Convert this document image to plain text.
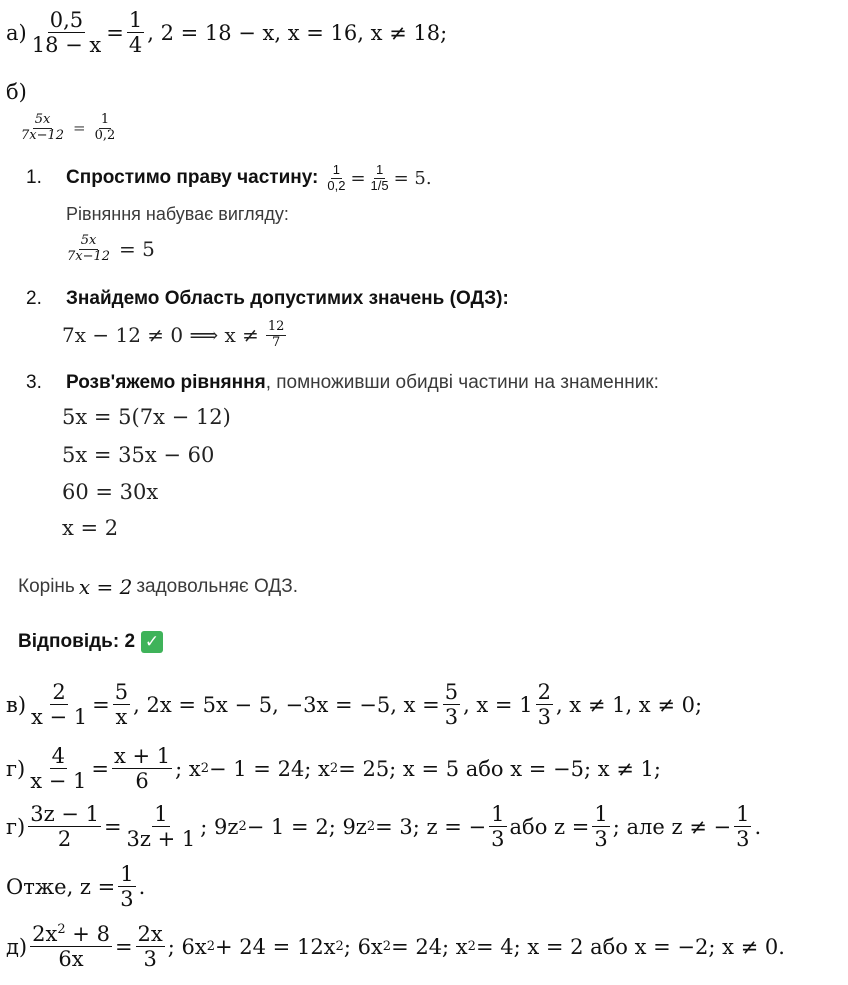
$а) \frac{0,5}{18 - x} = \frac{1}{4}$ , 2 = 18 − x, x = 16, x ≠ 18;
б)
$\frac{5x}{7x-12} = \frac{1}{0,2}$
1.	Спростимо праву частину: $\frac{1}{0,2} = \frac{1}{1/5} = 5$.
Рівняння набуває вигляду:
$\frac{5x}{7x-12} = 5$
2.	Знайдемо Область допустимих значень (ОДЗ):
7x − 12 ≠ 0 ⟹ $x \ne \frac{12}{7}$
3.	Розв'яжемо рівняння , помноживши обидві частини на знаменник:
5x = 5(7x − 12)
5x = 35x − 60
60 = 30x
x = 2
Корінь x = 2 задовольняє ОДЗ.
Відповідь: 2 ✓
$в) \frac{2}{x - 1} = \frac{5}{x}$ , 2x = 5x − 5, −3x = −5, $x = \frac{5}{3}$ , $x = 1 \frac{2}{3}$ , x ≠ 1, x ≠ 0;
$г) \frac{4}{x - 1} = \frac{x + 1}{6}$ ; x 2 − 1 = 24; x 2 = 25; x = 5 або x = −5; x ≠ 1;
$г) \frac{3z - 1}{2} = \frac{1}{3z + 1}$ ; 9z 2 − 1 = 2; 9z 2 = 3; z = − $\frac{1}{3}$ або $z = \frac{1}{3}$ ; але z ≠ − $\frac{1}{3}$ .
Отже, $z = \frac{1}{3}$ .
$д) \frac{2x^2 + 8}{6x} = \frac{2x}{3}$ ; 6x 2 + 24 = 12x 2 ; 6x 2 = 24; x 2 = 4; x = 2 або x = −2; x ≠ 0.
